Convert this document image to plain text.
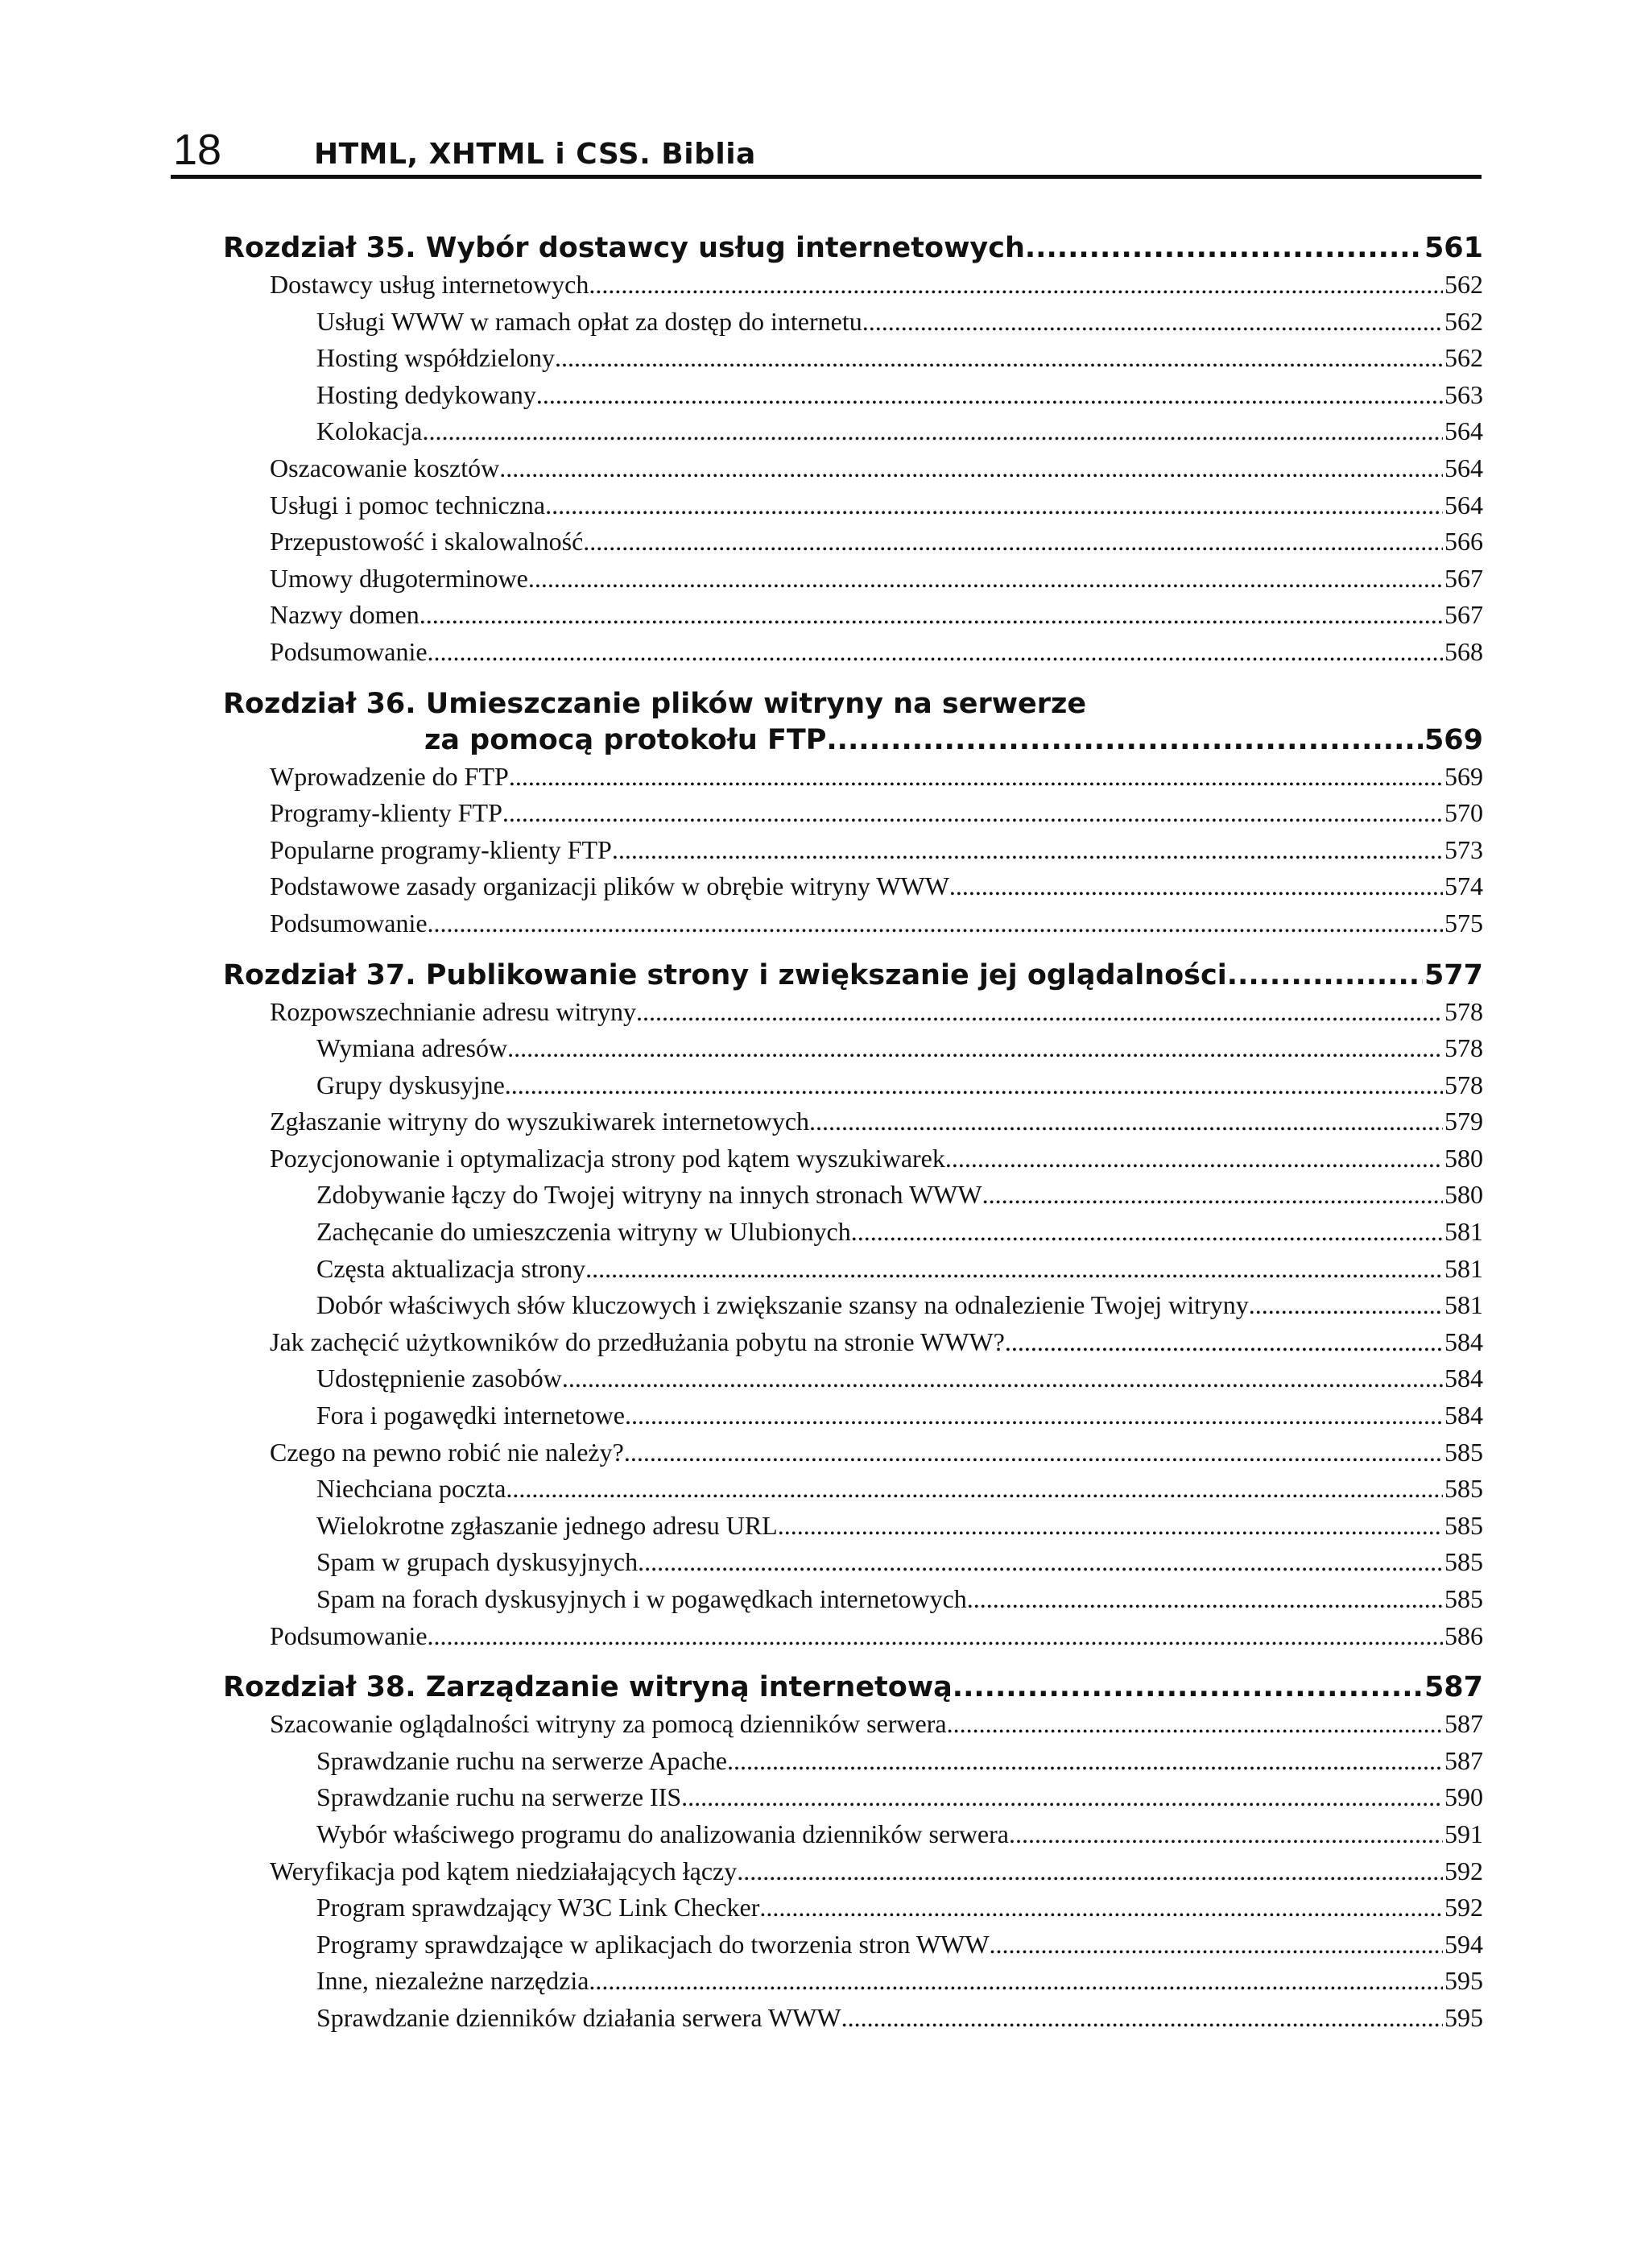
18	HTML, XHTML i CSS. Biblia
Rozdział 35. Wybór dostawcy usług internetowych .....	561
Dostawcy usług internetowych .....	562
Usługi WWW w ramach opłat za dostęp do internetu .....	562
Hosting współdzielony .....	562
Hosting dedykowany .....	563
Kolokacja .....	564
Oszacowanie kosztów .....	564
Usługi i pomoc techniczna .....	564
Przepustowość i skalowalność .....	566
Umowy długoterminowe .....	567
Nazwy domen .....	567
Podsumowanie .....	568
Rozdział 36. Umieszczanie plików witryny na serwerze
za pomocą protokołu FTP .....	569
Wprowadzenie do FTP .....	569
Programy-klienty FTP .....	570
Popularne programy-klienty FTP .....	573
Podstawowe zasady organizacji plików w obrębie witryny WWW .....	574
Podsumowanie .....	575
Rozdział 37. Publikowanie strony i zwiększanie jej oglądalności .....	577
Rozpowszechnianie adresu witryny .....	578
Wymiana adresów .....	578
Grupy dyskusyjne .....	578
Zgłaszanie witryny do wyszukiwarek internetowych .....	579
Pozycjonowanie i optymalizacja strony pod kątem wyszukiwarek .....	580
Zdobywanie łączy do Twojej witryny na innych stronach WWW .....	580
Zachęcanie do umieszczenia witryny w Ulubionych .....	581
Częsta aktualizacja strony .....	581
Dobór właściwych słów kluczowych i zwiększanie szansy na odnalezienie Twojej witryny .....	581
Jak zachęcić użytkowników do przedłużania pobytu na stronie WWW? .....	584
Udostępnienie zasobów .....	584
Fora i pogawędki internetowe .....	584
Czego na pewno robić nie należy? .....	585
Niechciana poczta .....	585
Wielokrotne zgłaszanie jednego adresu URL .....	585
Spam w grupach dyskusyjnych .....	585
Spam na forach dyskusyjnych i w pogawędkach internetowych .....	585
Podsumowanie .....	586
Rozdział 38. Zarządzanie witryną internetową .....	587
Szacowanie oglądalności witryny za pomocą dzienników serwera .....	587
Sprawdzanie ruchu na serwerze Apache .....	587
Sprawdzanie ruchu na serwerze IIS .....	590
Wybór właściwego programu do analizowania dzienników serwera .....	591
Weryfikacja pod kątem niedziałających łączy .....	592
Program sprawdzający W3C Link Checker .....	592
Programy sprawdzające w aplikacjach do tworzenia stron WWW .....	594
Inne, niezależne narzędzia .....	595
Sprawdzanie dzienników działania serwera WWW .....	595
